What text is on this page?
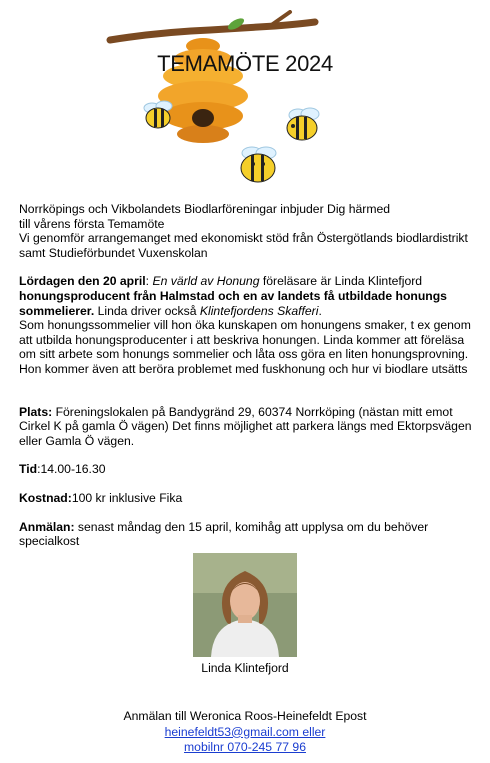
TEMAMÖTE 2024

Norrköpings och Vikbolandets Biodlarföreningar inbjuder Dig härmed

till vårens första Temamöte

Vi genomför arrangemanget med ekonomiskt stöd från Östergötlands biodlardistrikt

samt Studieförbundet Vuxenskolan

Lördagen den 20 april: En värld av Honung föreläsare är Linda Klintefjord

honungsproducent från Halmstad och en av landets få utbildade honungs sommelierer. Linda driver också Klintefjordens Skafferi.

Som honungssommelier vill hon öka kunskapen om honungens smaker, t ex genom

att utbilda honungsproducenter i att beskriva honungen. Linda kommer att föreläsa

om sitt arbete som honungs sommelier och låta oss göra en liten honungsprovning.

Hon kommer även att beröra problemet med fuskhonung och hur vi biodlare utsätts

Plats: Föreningslokalen på Bandygränd 29, 60374 Norrköping (nästan mitt emot Cirkel K på gamla Ö vägen) Det finns möjlighet att parkera längs med Ektorpsvägen eller Gamla Ö vägen.

Tid:14.00-16.30

Kostnad:100 kr inklusive Fika

Anmälan: senast måndag den 15 april, komihåg att upplysa om du behöver specialkost

Linda Klintefjord
Anmälan till Weronica Roos-Heinefeldt Epost
heinefeldt53@gmail.com eller
mobilnr 070-245 77 96
